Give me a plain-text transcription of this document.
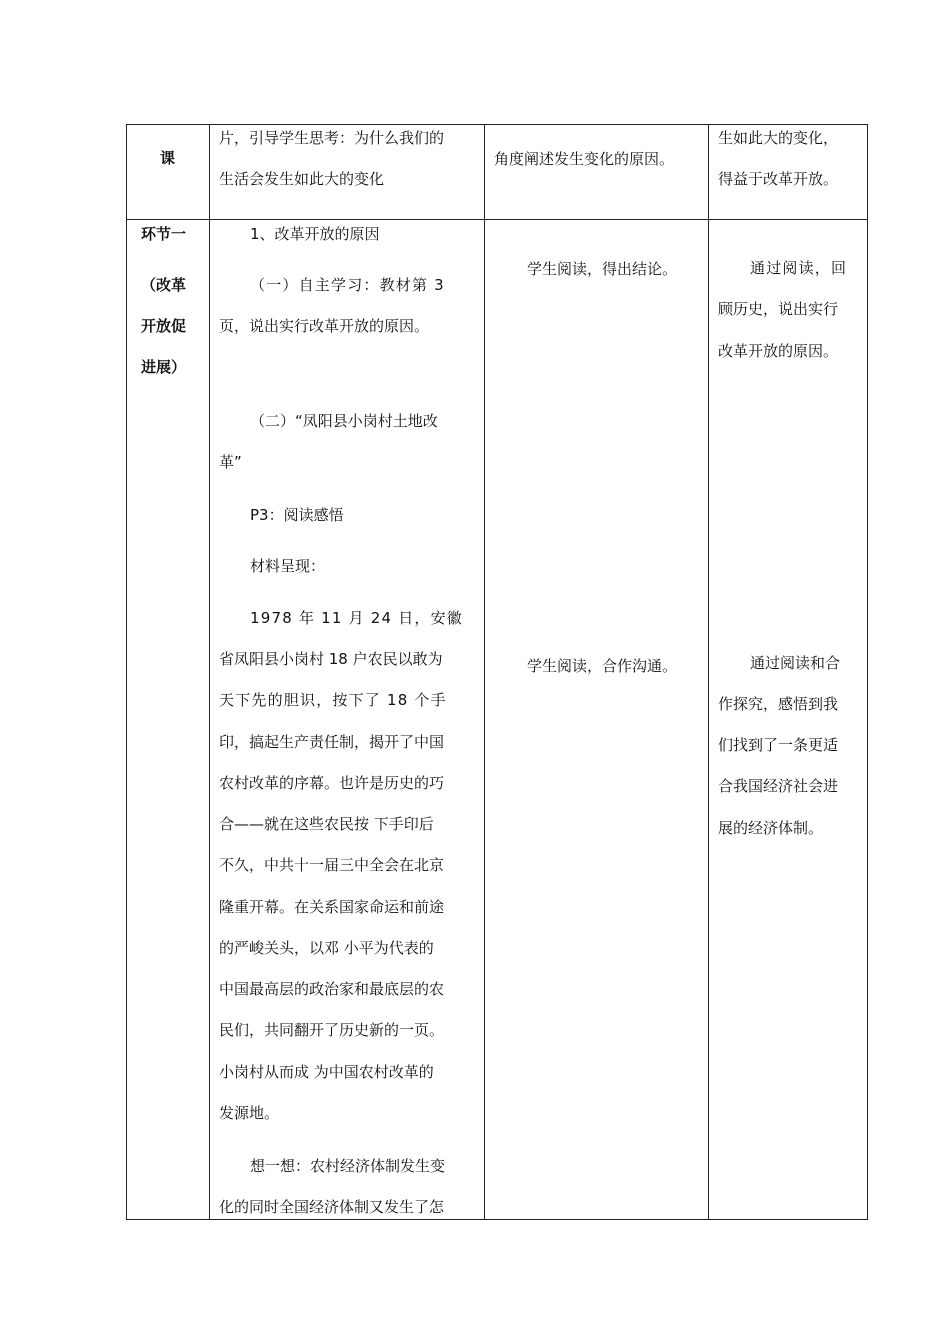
课
片，引导学生思考：为什么我们的
生活会发生如此大的变化
角度阐述发生变化的原因。
生如此大的变化，
得益于改革开放。
环节一
（改革
开放促
进展）
1、改革开放的原因
（一）自主学习：教材第 3
页，说出实行改革开放的原因。
（二）“凤阳县小岗村土地改
革”
P3：阅读感悟
材料呈现：
1978 年 11 月 24 日，安徽
省凤阳县小岗村 18 户农民以敢为
天下先的胆识，按下了 18 个手
印，搞起生产责任制，揭开了中国
农村改革的序幕。也许是历史的巧
合——就在这些农民按 下手印后
不久，中共十一届三中全会在北京
隆重开幕。在关系国家命运和前途
的严峻关头，以邓 小平为代表的
中国最高层的政治家和最底层的农
民们，共同翻开了历史新的一页。
小岗村从而成 为中国农村改革的
发源地。
想一想：农村经济体制发生变
化的同时全国经济体制又发生了怎
学生阅读，得出结论。
学生阅读，合作沟通。
通过阅读，回
顾历史，说出实行
改革开放的原因。
通过阅读和合
作探究，感悟到我
们找到了一条更适
合我国经济社会进
展的经济体制。
